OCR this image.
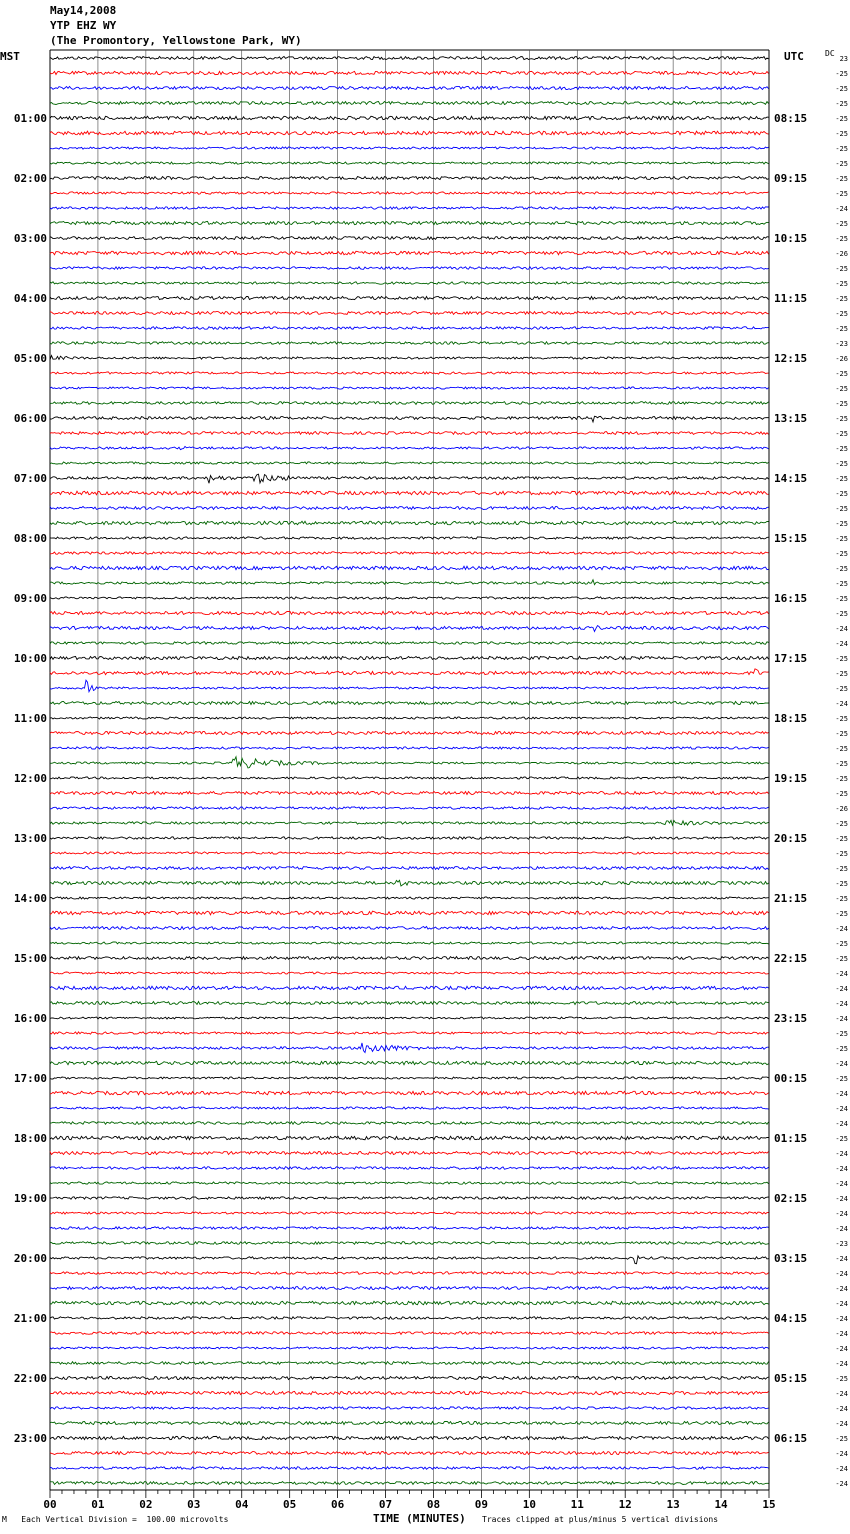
May14,2008
YTP EHZ WY
(The Promontory, Yellowstone Park, WY)
MST	UTC	DC
01:00
02:00
03:00
04:00
05:00
06:00
07:00
08:00
09:00
10:00
11:00
12:00
13:00
14:00
15:00
16:00
17:00
18:00
19:00
20:00
21:00
22:00
23:00
08:15
09:15
10:15
11:15
12:15
13:15
14:15
15:15
16:15
17:15
18:15
19:15
20:15
21:15
22:15
23:15
00:15
01:15
02:15
03:15
04:15
05:15
06:15
23
-25
-25
-25
-25
-25
-25
-25
-25
-25
-24
-25
-25
-26
-25
-25
-25
-25
-25
-23
-26
-25
-25
-25
-25
-25
-25
-25
-25
-25
-25
-25
-25
-25
-25
-25
-25
-25
-24
-24
-25
-25
-25
-24
-25
-25
-25
-25
-25
-25
-26
-25
-25
-25
-25
-25
-25
-25
-24
-25
-25
-24
-24
-24
-24
-25
-25
-24
-25
-24
-24
-24
-25
-24
-24
-24
-24
-24
-24
-23
-24
-24
-24
-24
-24
-24
-24
-24
-25
-24
-24
-24
-25
-24
-24
-24
00	01	02	03	04	05	06	07	08	09	10	11	12	13	14	15
M Each Vertical Division =  100.00 microvolts	TIME (MINUTES) Traces clipped at plus/minus 5 vertical divisions
